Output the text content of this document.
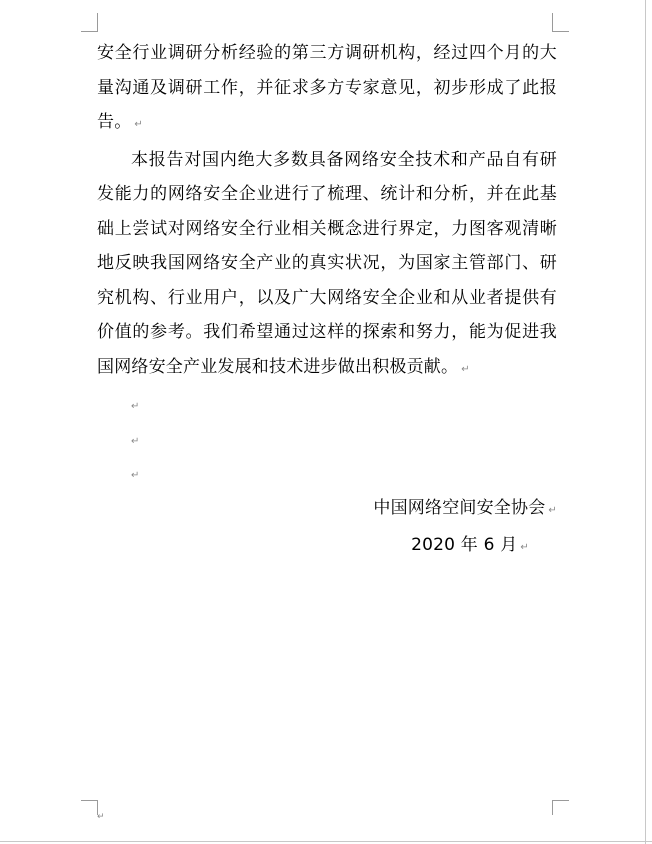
安全行业调研分析经验的第三方调研机构，经过四个月的大量沟通及调研工作，并征求多方专家意见，初步形成了此报告。 ↵

本报告对国内绝大多数具备网络安全技术和产品自有研发能力的网络安全企业进行了梳理、统计和分析，并在此基础上尝试对网络安全行业相关概念进行界定，力图客观清晰地反映我国网络安全产业的真实状况，为国家主管部门、研究机构、行业用户，以及广大网络安全企业和从业者提供有价值的参考。我们希望通过这样的探索和努力，能为促进我国网络安全产业发展和技术进步做出积极贡献。 ↵

↵
↵
↵

中国网络空间安全协会 ↵

2020 年 6 月 ↵

↵
